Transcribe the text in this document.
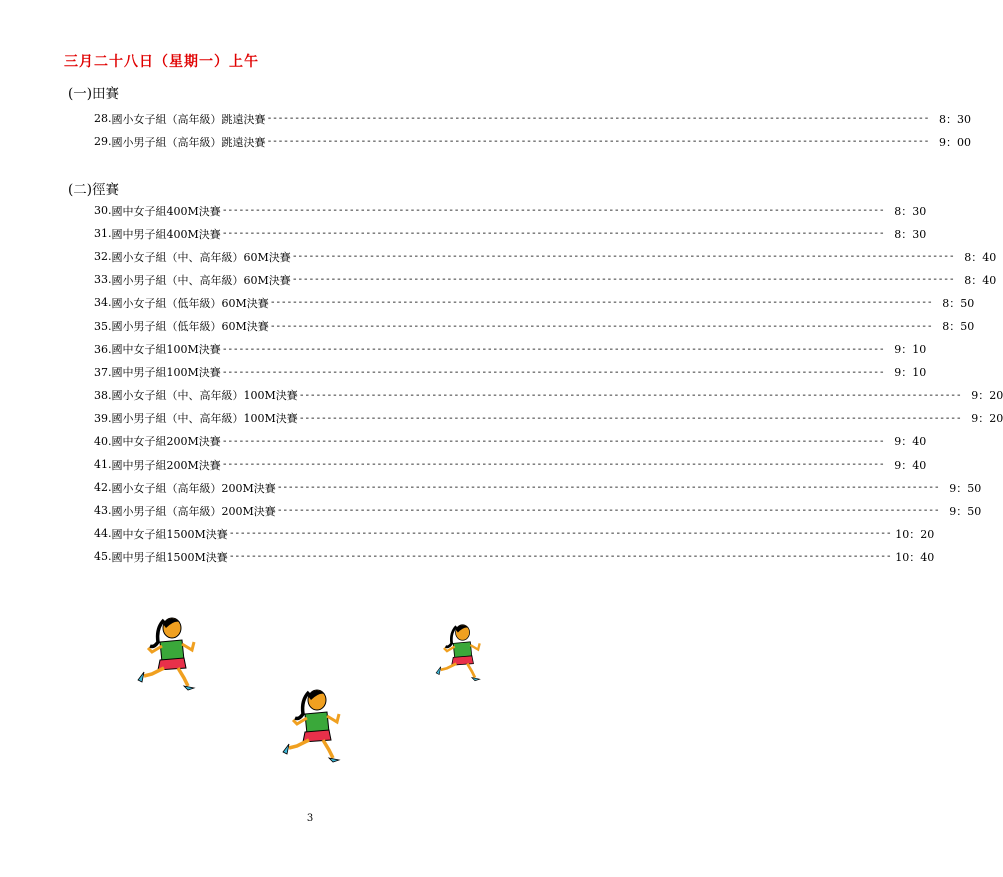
三月二十八日（星期一）上午
(一)田賽
28. 國小女子組（高年級）跳遠決賽 ------------------------------------------------------------------------------------------------------------------------ 8：30
29. 國小男子組（高年級）跳遠決賽 ------------------------------------------------------------------------------------------------------------------------ 9：00
(二)徑賽
30. 國中女子組400M決賽 ------------------------------------------------------------------------------------------------------------------------ 8：30
31. 國中男子組400M決賽 ------------------------------------------------------------------------------------------------------------------------ 8：30
32. 國小女子組（中、高年級）60M決賽 ------------------------------------------------------------------------------------------------------------------------ 8：40
33. 國小男子組（中、高年級）60M決賽 ------------------------------------------------------------------------------------------------------------------------ 8：40
34. 國小女子組（低年級）60M決賽 ------------------------------------------------------------------------------------------------------------------------ 8：50
35. 國小男子組（低年級）60M決賽 ------------------------------------------------------------------------------------------------------------------------ 8：50
36. 國中女子組100M決賽 ------------------------------------------------------------------------------------------------------------------------ 9：10
37. 國中男子組100M決賽 ------------------------------------------------------------------------------------------------------------------------ 9：10
38. 國小女子組（中、高年級）100M決賽 ------------------------------------------------------------------------------------------------------------------------ 9：20
39. 國小男子組（中、高年級）100M決賽 ------------------------------------------------------------------------------------------------------------------------ 9：20
40. 國中女子組200M決賽 ------------------------------------------------------------------------------------------------------------------------ 9：40
41. 國中男子組200M決賽 ------------------------------------------------------------------------------------------------------------------------ 9：40
42. 國小女子組（高年級）200M決賽 ------------------------------------------------------------------------------------------------------------------------ 9：50
43. 國小男子組（高年級）200M決賽 ------------------------------------------------------------------------------------------------------------------------ 9：50
44. 國中女子組1500M決賽 ------------------------------------------------------------------------------------------------------------------------ 10：20
45. 國中男子組1500M決賽 ------------------------------------------------------------------------------------------------------------------------ 10：40
3
